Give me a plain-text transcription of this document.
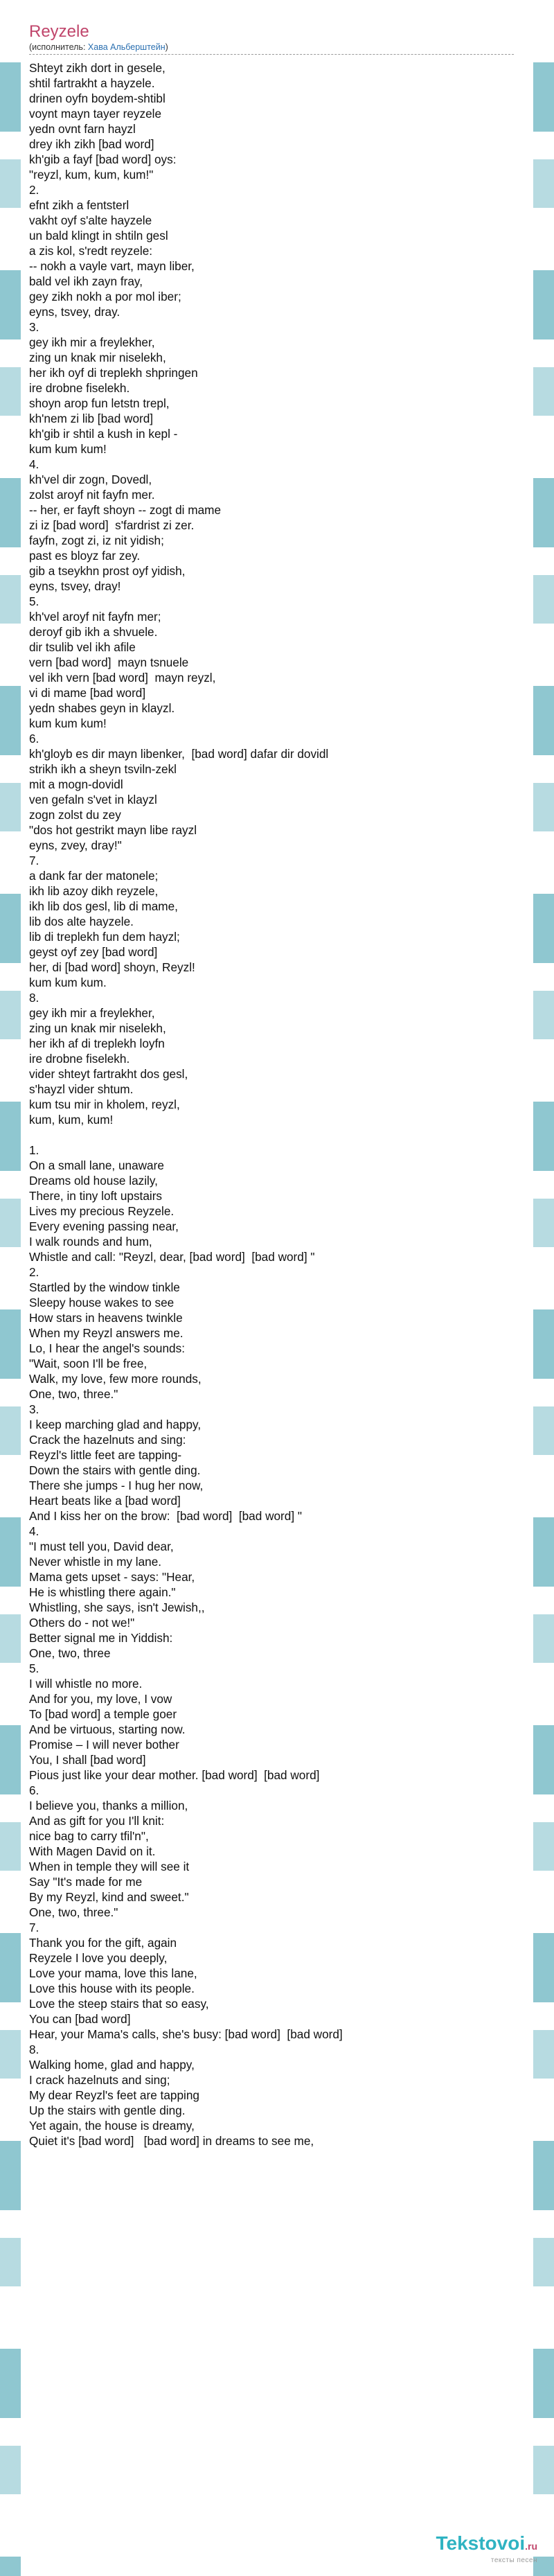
Reyzele
(исполнитель: Хава Альберштейн)
Shteyt zikh dort in gesele,
shtil fartrakht a hayzele.
drinen oyfn boydem-shtibl
voynt mayn tayer reyzele
yedn ovnt farn hayzl
drey ikh zikh [bad word]
kh'gib a fayf [bad word] oys:
"reyzl, kum, kum, kum!"
2.
efnt zikh a fentsterl
vakht oyf s'alte hayzele
un bald klingt in shtiln gesl
a zis kol, s'redt reyzele:
-- nokh a vayle vart, mayn liber,
bald vel ikh zayn fray,
gey zikh nokh a por mol iber;
eyns, tsvey, dray.
3.
gey ikh mir a freylekher,
zing un knak mir niselekh,
her ikh oyf di treplekh shpringen
ire drobne fiselekh.
shoyn arop fun letstn trepl,
kh'nem zi lib [bad word]
kh'gib ir shtil a kush in kepl -
kum kum kum!
4.
kh'vel dir zogn, Dovedl,
zolst aroyf nit fayfn mer.
-- her, er fayft shoyn -- zogt di mame
zi iz [bad word]  s'fardrist zi zer.
fayfn, zogt zi, iz nit yidish;
past es bloyz far zey.
gib a tseykhn prost oyf yidish,
eyns, tsvey, dray!
5.
kh'vel aroyf nit fayfn mer;
deroyf gib ikh a shvuele.
dir tsulib vel ikh afile
vern [bad word]  mayn tsnuele
vel ikh vern [bad word]  mayn reyzl,
vi di mame [bad word]
yedn shabes geyn in klayzl.
kum kum kum!
6.
kh'gloyb es dir mayn libenker,  [bad word] dafar dir dovidl
strikh ikh a sheyn tsviln-zekl
mit a mogn-dovidl
ven gefaln s'vet in klayzl
zogn zolst du zey
"dos hot gestrikt mayn libe rayzl
eyns, zvey, dray!"
7.
a dank far der matonele;
ikh lib azoy dikh reyzele,
ikh lib dos gesl, lib di mame,
lib dos alte hayzele.
lib di treplekh fun dem hayzl;
geyst oyf zey [bad word]
her, di [bad word] shoyn, Reyzl!
kum kum kum.
8.
gey ikh mir a freylekher,
zing un knak mir niselekh,
her ikh af di treplekh loyfn
ire drobne fiselekh.
vider shteyt fartrakht dos gesl,
s'hayzl vider shtum.
kum tsu mir in kholem, reyzl,
kum, kum, kum!

1.
On a small lane, unaware
Dreams old house lazily,
There, in tiny loft upstairs
Lives my precious Reyzele.
Every evening passing near,
I walk rounds and hum,
Whistle and call: "Reyzl, dear, [bad word]  [bad word] "
2.
Startled by the window tinkle
Sleepy house wakes to see
How stars in heavens twinkle
When my Reyzl answers me.
Lo, I hear the angel's sounds:
"Wait, soon I'll be free,
Walk, my love, few more rounds,
One, two, three."
3.
I keep marching glad and happy,
Crack the hazelnuts and sing:
Reyzl's little feet are tapping-
Down the stairs with gentle ding.
There she jumps - I hug her now,
Heart beats like a [bad word]
And I kiss her on the brow:  [bad word]  [bad word] "
4.
"I must tell you, David dear,
Never whistle in my lane.
Mama gets upset - says: "Hear,
He is whistling there again."
Whistling, she says, isn't Jewish,,
Others do - not we!"
Better signal me in Yiddish:
One, two, three
5.
I will whistle no more.
And for you, my love, I vow
To [bad word] a temple goer
And be virtuous, starting now.
Promise – I will never bother
You, I shall [bad word]
Pious just like your dear mother. [bad word]  [bad word]
6.
I believe you, thanks a million,
And as gift for you I'll knit:
nice bag to carry tfil'n",
With Magen David on it.
When in temple they will see it
Say "It's made for me
By my Reyzl, kind and sweet."
One, two, three."
7.
Thank you for the gift, again
Reyzele I love you deeply,
Love your mama, love this lane,
Love this house with its people.
Love the steep stairs that so easy,
You can [bad word]
Hear, your Mama's calls, she's busy: [bad word]  [bad word]
8.
Walking home, glad and happy,
I crack hazelnuts and sing;
My dear Reyzl's feet are tapping
Up the stairs with gentle ding.
Yet again, the house is dreamy,
Quiet it's [bad word]   [bad word] in dreams to see me,
Tekstovoi.ru
тексты песен
